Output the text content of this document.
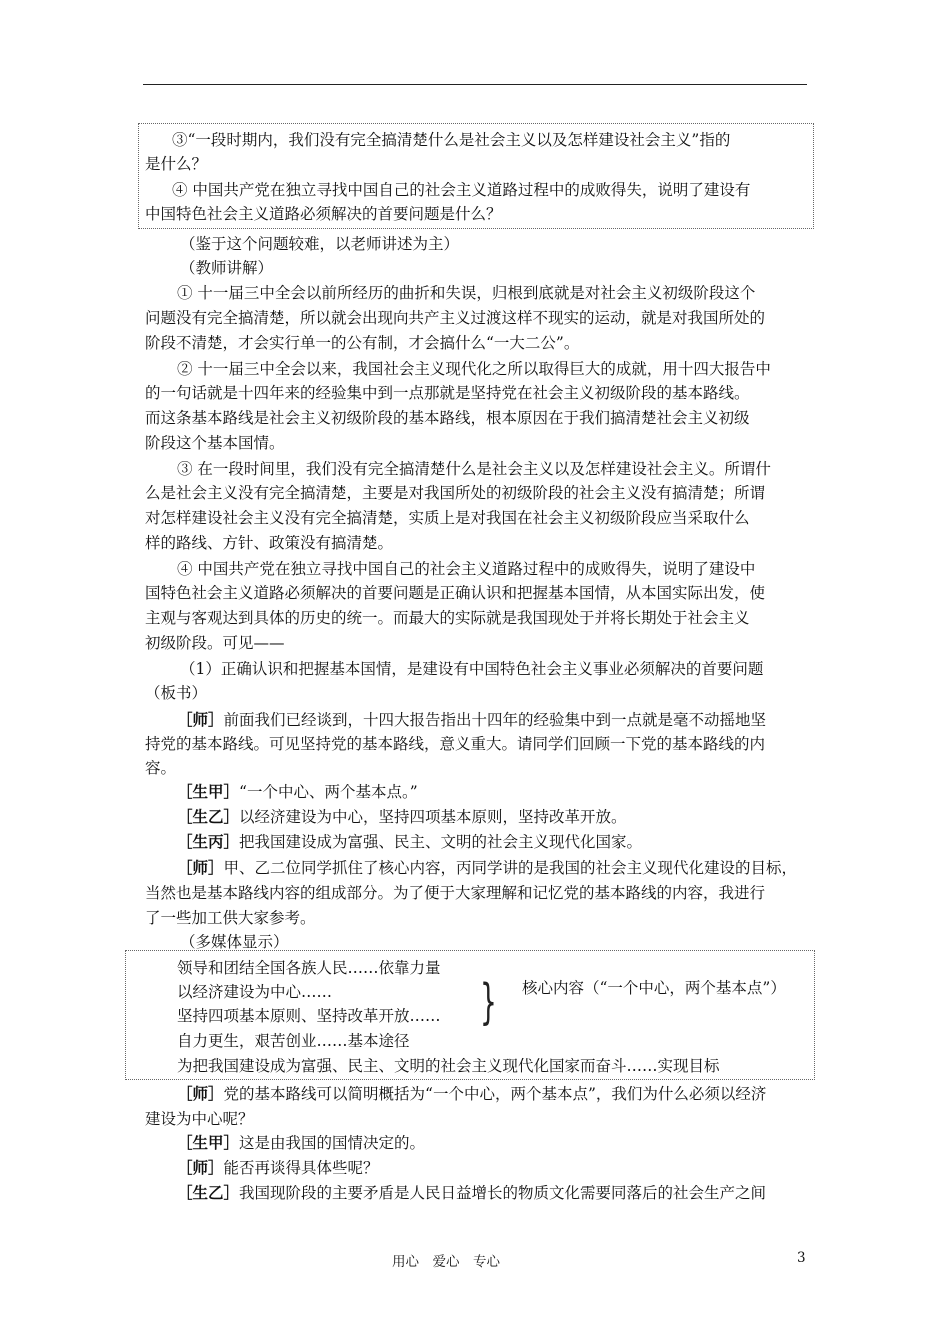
③“一段时期内，我们没有完全搞清楚什么是社会主义以及怎样建设社会主义”指的
是什么？
④ 中国共产党在独立寻找中国自己的社会主义道路过程中的成败得失，说明了建设有
中国特色社会主义道路必须解决的首要问题是什么？
（鉴于这个问题较难，以老师讲述为主）
（教师讲解）
① 十一届三中全会以前所经历的曲折和失误，归根到底就是对社会主义初级阶段这个
问题没有完全搞清楚，所以就会出现向共产主义过渡这样不现实的运动，就是对我国所处的
阶段不清楚，才会实行单一的公有制，才会搞什么“一大二公”。
② 十一届三中全会以来，我国社会主义现代化之所以取得巨大的成就，用十四大报告中
的一句话就是十四年来的经验集中到一点那就是坚持党在社会主义初级阶段的基本路线。
而这条基本路线是社会主义初级阶段的基本路线，根本原因在于我们搞清楚社会主义初级
阶段这个基本国情。
③ 在一段时间里，我们没有完全搞清楚什么是社会主义以及怎样建设社会主义。所谓什
么是社会主义没有完全搞清楚，主要是对我国所处的初级阶段的社会主义没有搞清楚；所谓
对怎样建设社会主义没有完全搞清楚，实质上是对我国在社会主义初级阶段应当采取什么
样的路线、方针、政策没有搞清楚。
④ 中国共产党在独立寻找中国自己的社会主义道路过程中的成败得失，说明了建设中
国特色社会主义道路必须解决的首要问题是正确认识和把握基本国情，从本国实际出发，使
主观与客观达到具体的历史的统一。而最大的实际就是我国现处于并将长期处于社会主义
初级阶段。可见——
（1）正确认识和把握基本国情，是建设有中国特色社会主义事业必须解决的首要问题
（板书）
［师］前面我们已经谈到，十四大报告指出十四年的经验集中到一点就是毫不动摇地坚
持党的基本路线。可见坚持党的基本路线，意义重大。请同学们回顾一下党的基本路线的内
容。
［生甲］“一个中心、两个基本点。”
［生乙］以经济建设为中心，坚持四项基本原则，坚持改革开放。
［生丙］把我国建设成为富强、民主、文明的社会主义现代化国家。
［师］甲、乙二位同学抓住了核心内容，丙同学讲的是我国的社会主义现代化建设的目标，
当然也是基本路线内容的组成部分。为了便于大家理解和记忆党的基本路线的内容，我进行
了一些加工供大家参考。
（多媒体显示）
领导和团结全国各族人民……依靠力量
以经济建设为中心……
坚持四项基本原则、坚持改革开放…… } 核心内容（“一个中心，两个基本点”）
自力更生，艰苦创业……基本途径
为把我国建设成为富强、民主、文明的社会主义现代化国家而奋斗……实现目标
［师］党的基本路线可以简明概括为“一个中心，两个基本点”，我们为什么必须以经济
建设为中心呢？
［生甲］这是由我国的国情决定的。
［师］能否再谈得具体些呢？
［生乙］我国现阶段的主要矛盾是人民日益增长的物质文化需要同落后的社会生产之间
用心　爱心　专心	3
